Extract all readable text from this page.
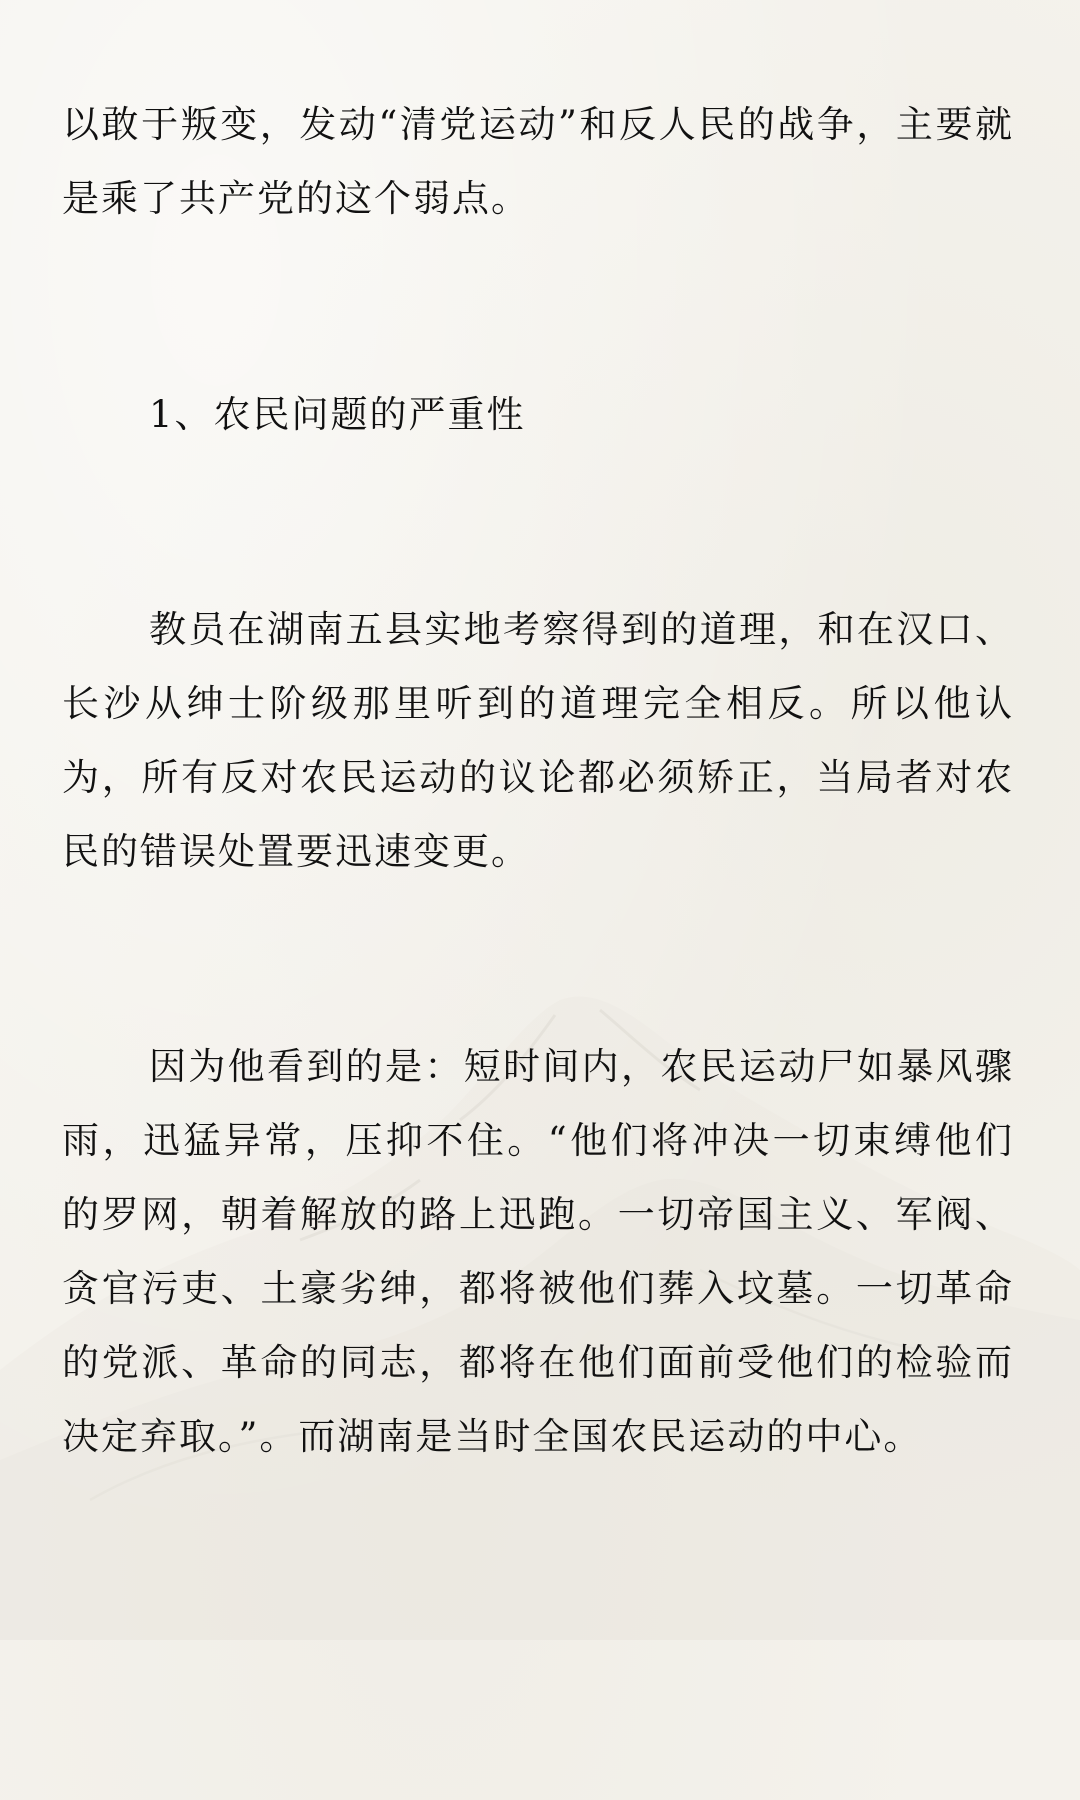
以敢于叛变，发动“清党运动”和反人民的战争，主要就是乘了共产党的这个弱点。

1、农民问题的严重性

教员在湖南五县实地考察得到的道理，和在汉口、长沙从绅士阶级那里听到的道理完全相反。所以他认为，所有反对农民运动的议论都必须矫正，当局者对农民的错误处置要迅速变更。

因为他看到的是：短时间内，农民运动尸如暴风骤雨，迅猛异常，压抑不住。“他们将冲决一切束缚他们的罗网，朝着解放的路上迅跑。一切帝国主义、军阀、贪官污吏、土豪劣绅，都将被他们葬入坟墓。一切革命的党派、革命的同志，都将在他们面前受他们的检验而决定弃取。”。而湖南是当时全国农民运动的中心。
